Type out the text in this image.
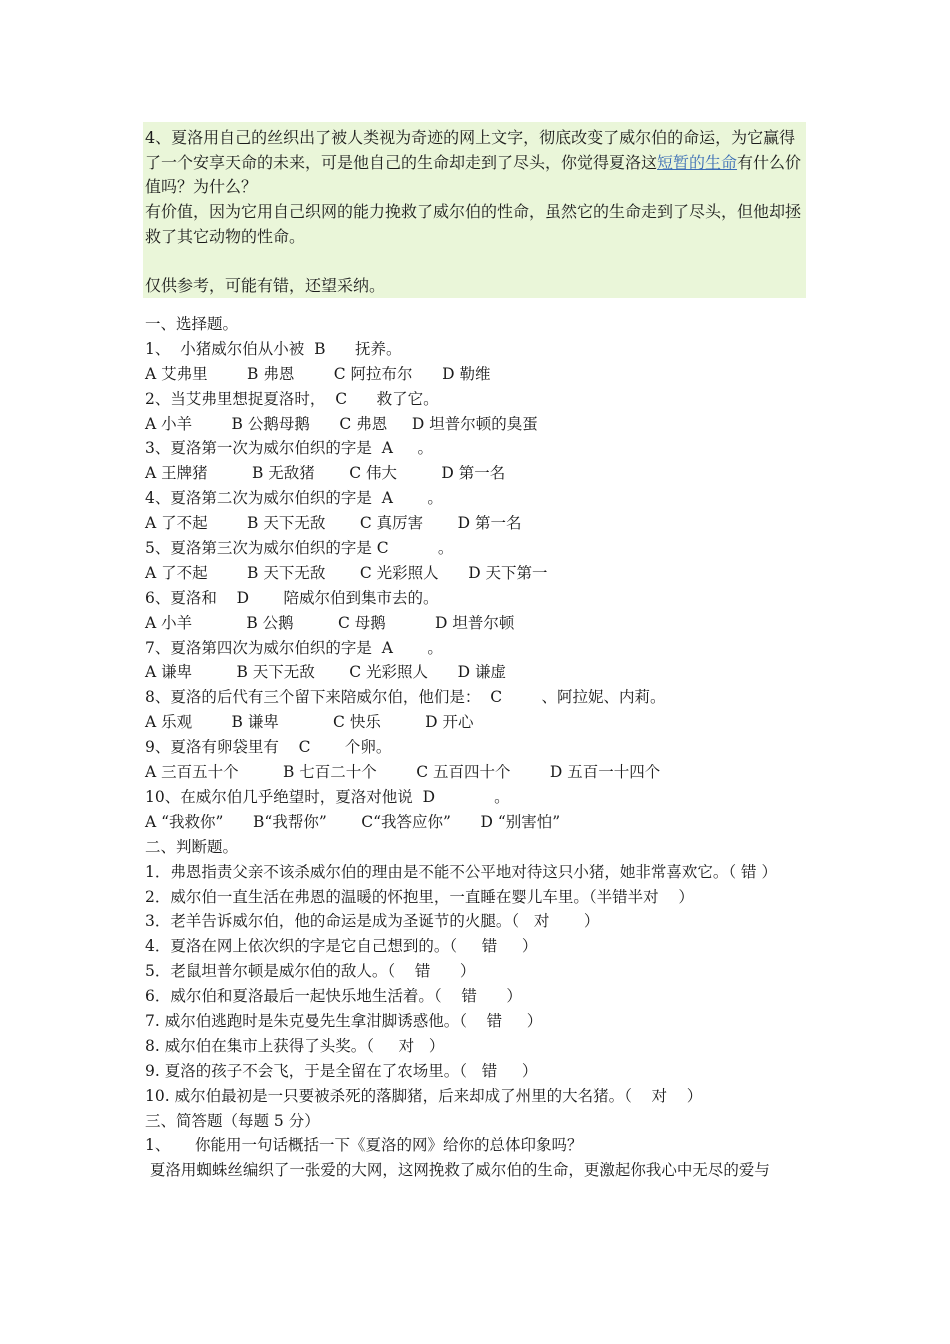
4、夏洛用自己的丝织出了被人类视为奇迹的网上文字，彻底改变了威尔伯的命运，为它赢得了一个安享天命的未来，可是他自己的生命却走到了尽头，你觉得夏洛这短暂的生命有什么价值吗？为什么？
有价值，因为它用自己织网的能力挽救了威尔伯的性命，虽然它的生命走到了尽头，但他却拯救了其它动物的性命。
仅供参考，可能有错，还望采纳。
一、选择题。
1、  小猪威尔伯从小被  B      抚养。
A 艾弗里        B 弗恩        C 阿拉布尔      D 勒维
2、当艾弗里想捉夏洛时，  C      救了它。
A 小羊        B 公鹅母鹅      C 弗恩     D 坦普尔顿的臭蛋
3、夏洛第一次为威尔伯织的字是  A     。
A 王牌猪         B 无敌猪       C 伟大         D 第一名
4、夏洛第二次为威尔伯织的字是  A       。
A 了不起        B 天下无敌       C 真厉害       D 第一名
5、夏洛第三次为威尔伯织的字是 C          。
A 了不起        B 天下无敌       C 光彩照人      D 天下第一
6、夏洛和    D       陪威尔伯到集市去的。
A 小羊           B 公鹅         C 母鹅          D 坦普尔顿
7、夏洛第四次为威尔伯织的字是  A       。
A 谦卑         B 天下无敌       C 光彩照人      D 谦虚
8、夏洛的后代有三个留下来陪威尔伯，他们是：  C        、阿拉妮、内莉。
A 乐观        B 谦卑           C 快乐         D 开心
9、夏洛有卵袋里有    C       个卵。
A 三百五十个         B 七百二十个        C 五百四十个        D 五百一十四个
10、在威尔伯几乎绝望时，夏洛对他说  D            。
A “我救你”      B“我帮你”       C“我答应你”      D “别害怕”
二、判断题。
1．弗恩指责父亲不该杀威尔伯的理由是不能不公平地对待这只小猪，她非常喜欢它。（ 错 ）
2．威尔伯一直生活在弗恩的温暖的怀抱里，一直睡在婴儿车里。（半错半对    ）
3．老羊告诉威尔伯，他的命运是成为圣诞节的火腿。（   对       ）
4．夏洛在网上依次织的字是它自己想到的。（     错     ）
5．老鼠坦普尔顿是威尔伯的敌人。（    错      ）
6．威尔伯和夏洛最后一起快乐地生活着。（    错      ）
7. 威尔伯逃跑时是朱克曼先生拿泔脚诱惑他。（    错     ）
8. 威尔伯在集市上获得了头奖。（     对   ）
9. 夏洛的孩子不会飞，于是全留在了农场里。（   错     ）
10. 威尔伯最初是一只要被杀死的落脚猪，后来却成了州里的大名猪。（    对    ）
三、简答题（每题 5 分）
1、     你能用一句话概括一下《夏洛的网》给你的总体印象吗？
夏洛用蜘蛛丝编织了一张爱的大网，这网挽救了威尔伯的生命，更激起你我心中无尽的爱与
